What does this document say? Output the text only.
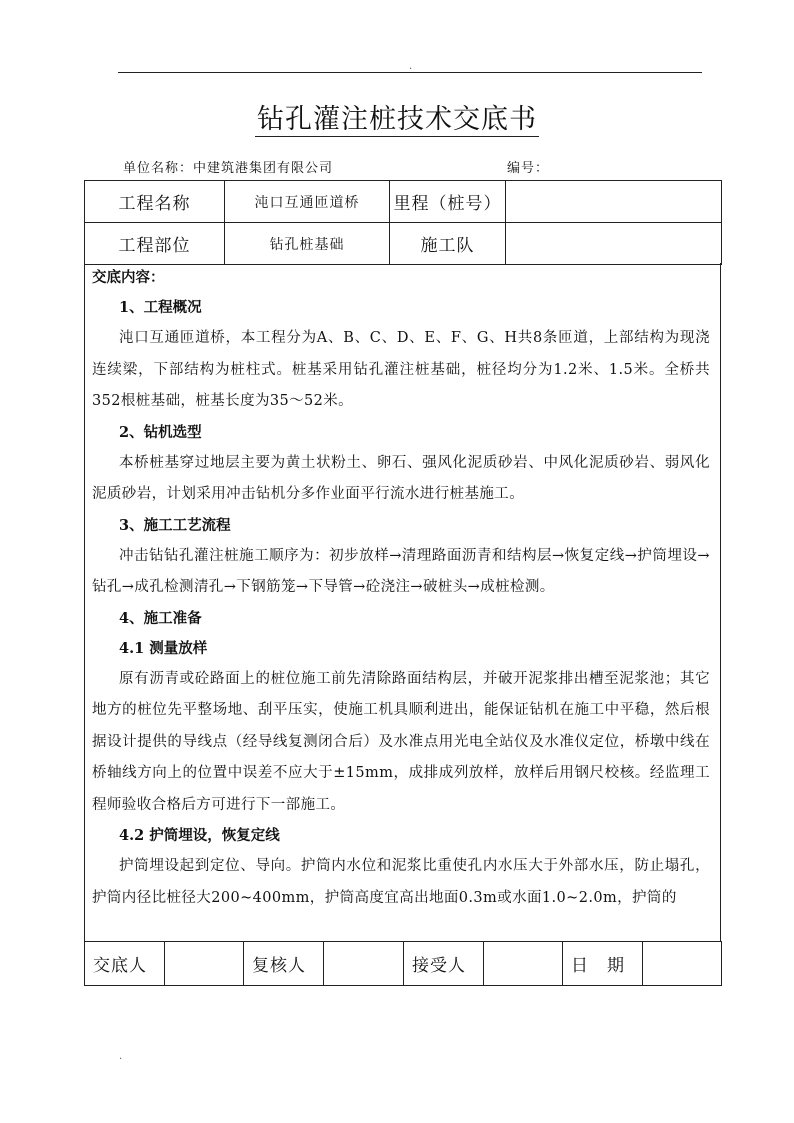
.
钻孔灌注桩技术交底书
单位名称：中建筑港集团有限公司	编号：
工程名称	沌口互通匝道桥	里程（桩号）	
工程部位	钻孔桩基础	施工队	
交底内容：
1、工程概况
沌口互通匝道桥，本工程分为A、B、C、D、E、F、G、H共8条匝道，上部结构为现浇连续梁，下部结构为桩柱式。桩基采用钻孔灌注桩基础，桩径均分为1.2米、1.5米。全桥共352根桩基础，桩基长度为35～52米。
2、钻机选型
本桥桩基穿过地层主要为黄土状粉土、卵石、强风化泥质砂岩、中风化泥质砂岩、弱风化泥质砂岩，计划采用冲击钻机分多作业面平行流水进行桩基施工。
3、施工工艺流程
冲击钻钻孔灌注桩施工顺序为：初步放样→清理路面沥青和结构层→恢复定线→护筒埋设→钻孔→成孔检测清孔→下钢筋笼→下导管→砼浇注→破桩头→成桩检测。
4、施工准备
4.1 测量放样
原有沥青或砼路面上的桩位施工前先清除路面结构层，并破开泥浆排出槽至泥浆池；其它地方的桩位先平整场地、刮平压实，使施工机具顺利进出，能保证钻机在施工中平稳，然后根据设计提供的导线点（经导线复测闭合后）及水准点用光电全站仪及水准仪定位，桥墩中线在桥轴线方向上的位置中误差不应大于±15mm，成排成列放样，放样后用钢尺校核。经监理工程师验收合格后方可进行下一部施工。
4.2 护筒埋设，恢复定线
护筒埋设起到定位、导向。护筒内水位和泥浆比重使孔内水压大于外部水压，防止塌孔，护筒内径比桩径大200~400mm，护筒高度宜高出地面0.3m或水面1.0~2.0m，护筒的
交底人		复核人		接受人		日　期	
.
